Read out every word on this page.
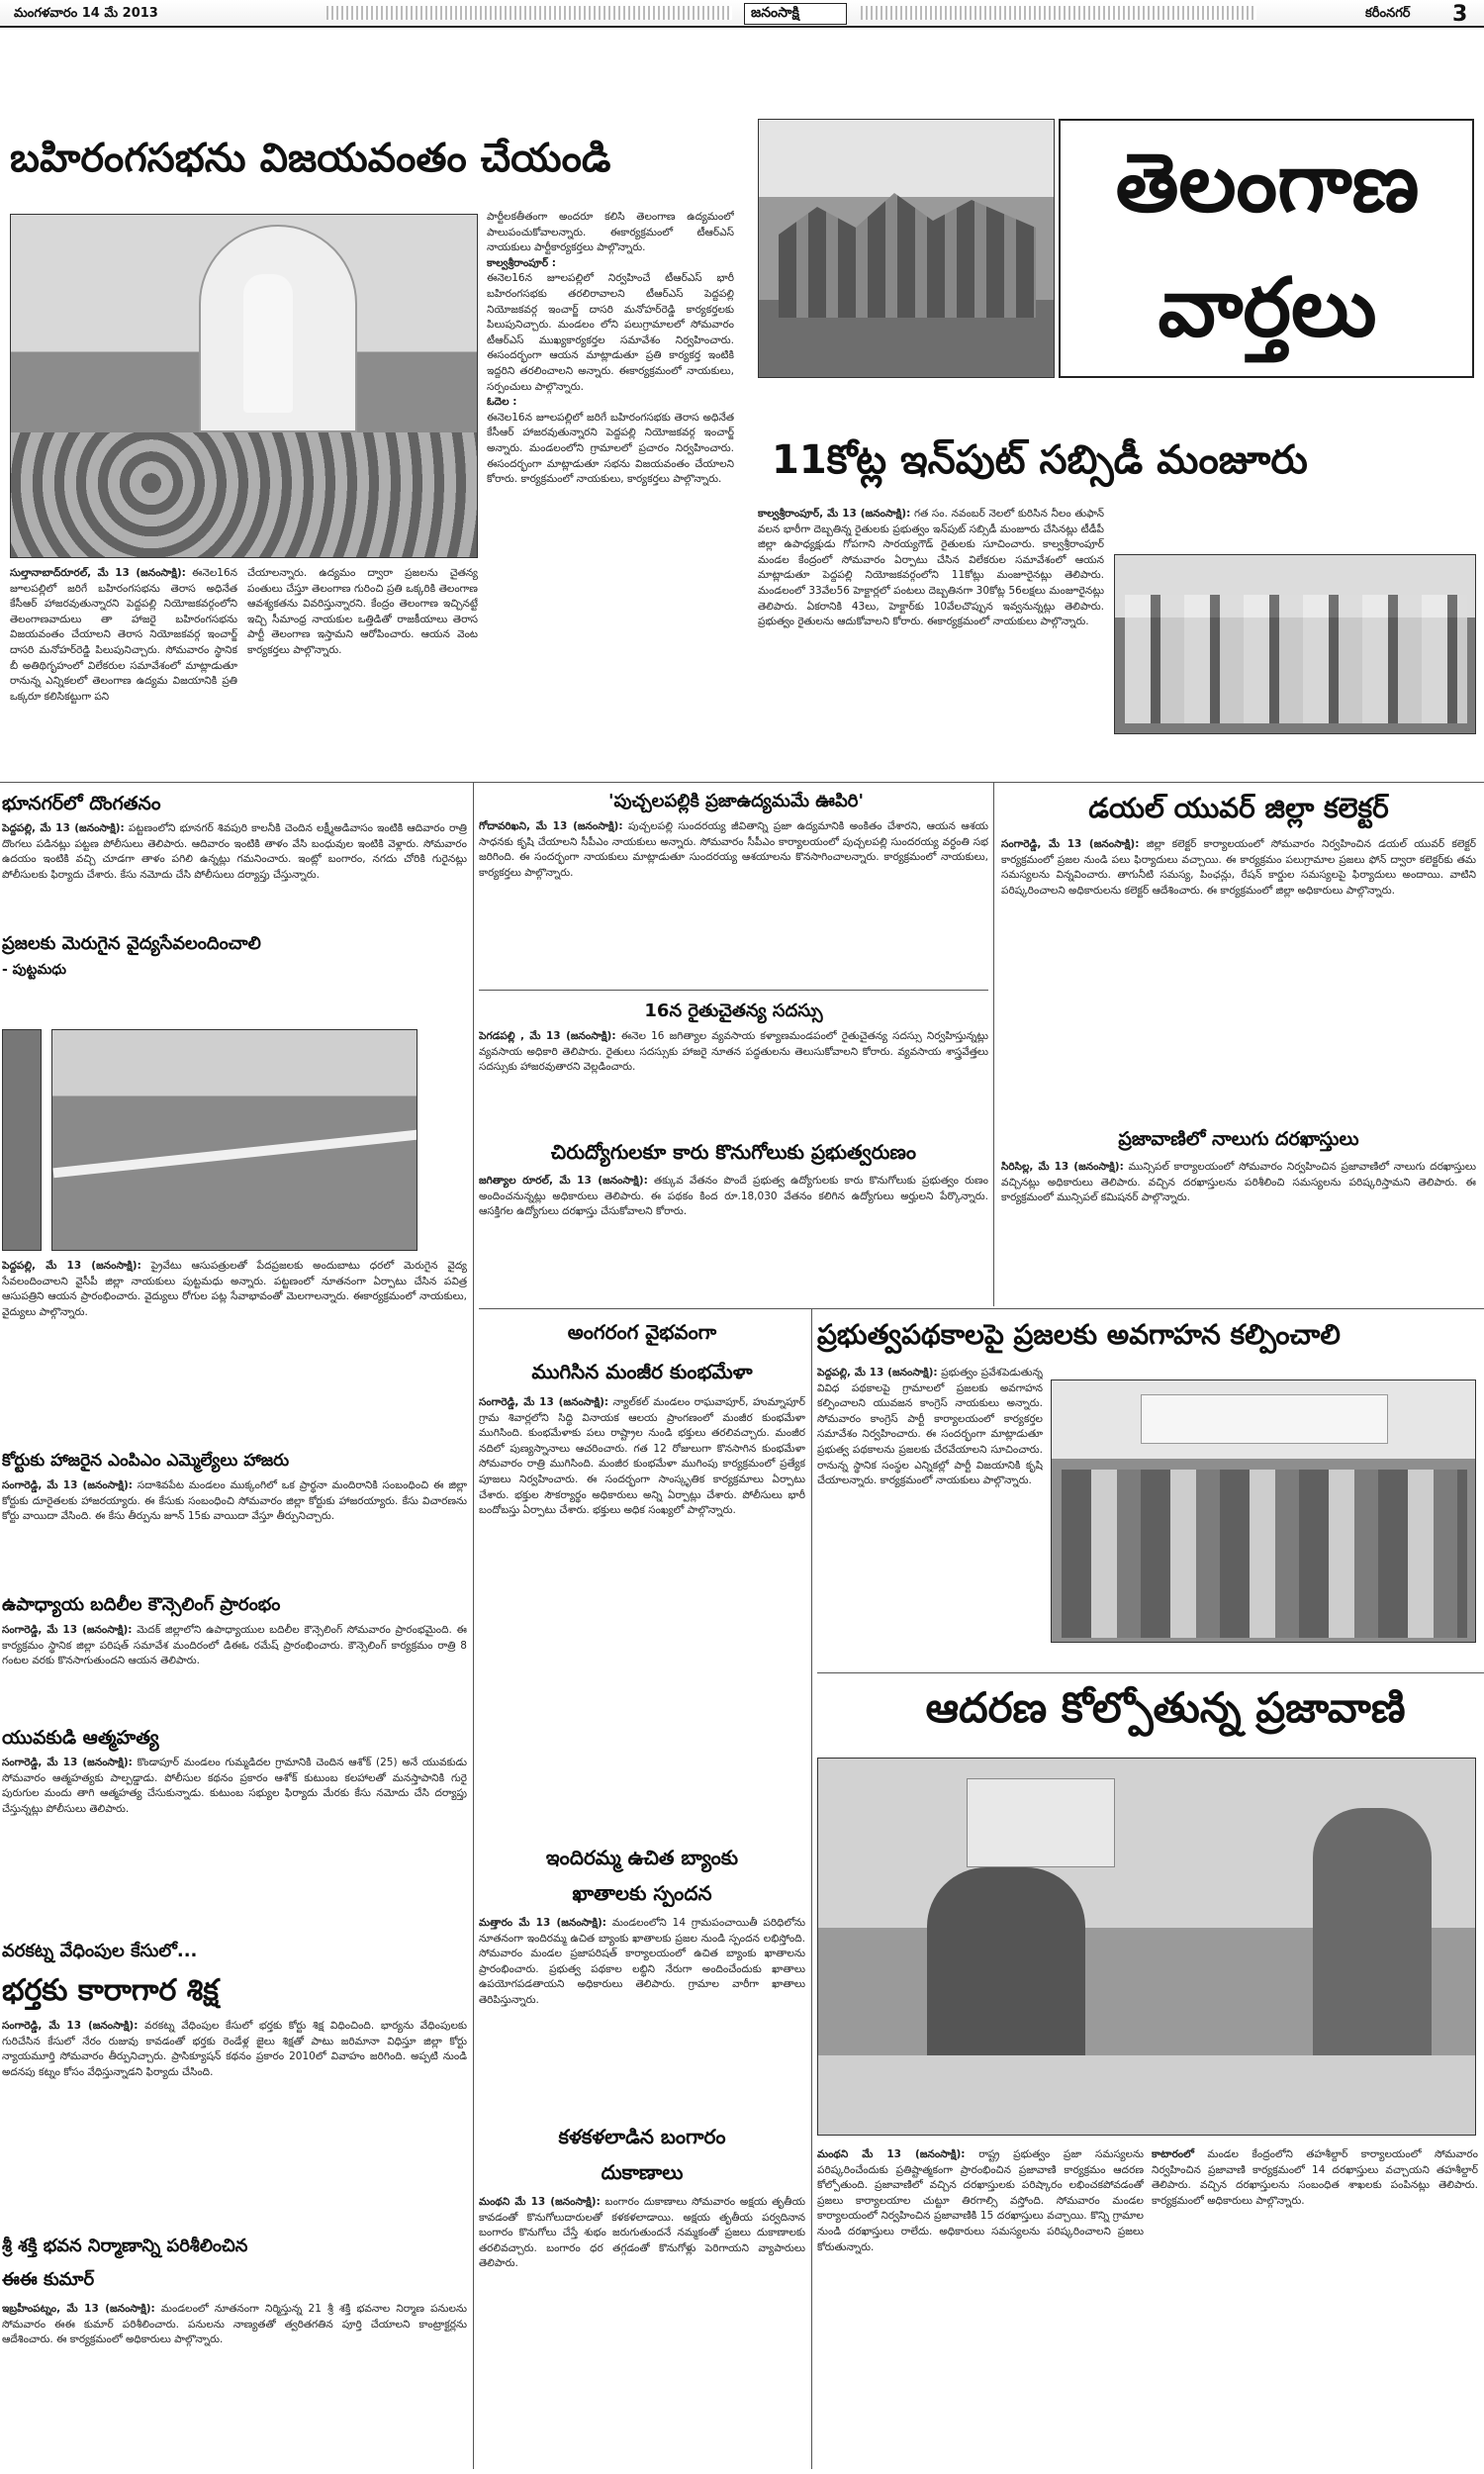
మంగళవారం 14 మే 2013	జనంసాక్షి	కరీంనగర్	3
బహిరంగసభను విజయవంతం చేయండి
సుల్తానాబాద్‌రూరల్‌, మే 13 (జనంసాక్షి): ఈనెల16న జూలపల్లిలో జరిగే బహిరంగసభను తెరాస అధినేత కేసీఆర్‌ హాజరవుతున్నారని పెద్దపల్లి నియోజకవర్గంలోని తెలంగాణవాదులు తా హాజరై బహిరంగసభను విజయవంతం చేయాలని తెరాస నియోజకవర్గ ఇంచార్జ్‌ దాసరి మనోహర్‌రెడ్డి పిలుపునిచ్చారు. సోమవారం స్థానిక బీ అతిథిగృహంలో విలేకరుల సమావేశంలో మాట్లాడుతూ రానున్న ఎన్నికలలో తెలంగాణ ఉద్యమ విజయానికి ప్రతి ఒక్కరూ కలిసికట్టుగా పని
చేయాలన్నారు. ఉద్యమం ద్వారా ప్రజలను చైతన్య పంతులు చేస్తూ తెలంగాణ గురించి ప్రతి ఒక్కరికి తెలంగాణ ఆవశ్యకతను వివరిస్తున్నారని. కేంద్రం తెలంగాణ ఇచ్చినట్టే ఇచ్చి సీమాంధ్ర నాయకుల ఒత్తిడితో రాజకీయాలు తెరాస పార్టీ తెలంగాణ ఇస్తామని ఆరోపించారు. ఆయన వెంట కార్యకర్తలు పాల్గొన్నారు.
పార్టీలకతీతంగా అందరూ కలిసి తెలంగాణ ఉద్యమంలో పాలుపంచుకోవాలన్నారు. ఈకార్యక్రమంలో టీఆర్‌ఎస్‌ నాయకులు పార్టీకార్యకర్తలు పాల్గొన్నారు.
కాల్వశ్రీరాంపూర్‌ :
ఈనెల16న జూలపల్లిలో నిర్వహించే టీఆర్‌ఎస్‌ భారీ బహిరంగసభకు తరలిరావాలని టీఆర్‌ఎస్‌ పెద్దపల్లి నియోజకవర్గ ఇంచార్జ్‌ దాసరి మనోహర్‌రెడ్డి కార్యకర్తలకు పిలుపునిచ్చారు. మండలం లోని పలుగ్రామాలలో సోమవారం టీఆర్‌ఎస్‌ ముఖ్యకార్యకర్తల సమావేశం నిర్వహించారు. ఈసందర్భంగా ఆయన మాట్లాడుతూ ప్రతి కార్యకర్త ఇంటికి ఇద్దరిని తరలించాలని అన్నారు. ఈకార్యక్రమంలో నాయకులు, సర్పంచులు పాల్గొన్నారు.
ఓదెల :
ఈనెల16న జూలపల్లిలో జరిగే బహిరంగసభకు తెరాస అధినేత కేసీఆర్‌ హాజరవుతున్నారని పెద్దపల్లి నియోజకవర్గ ఇంచార్జ్‌ అన్నారు. మండలంలోని గ్రామాలలో ప్రచారం నిర్వహించారు. ఈసందర్భంగా మాట్లాడుతూ సభను విజయవంతం చేయాలని కోరారు. కార్యక్రమంలో నాయకులు, కార్యకర్తలు పాల్గొన్నారు.
తెలంగాణ
వార్తలు
11కోట్ల ఇన్‌పుట్‌ సబ్సిడీ మంజూరు
కాల్వశ్రీరాంపూర్‌, మే 13 (జనంసాక్షి): గత సం. నవంబర్‌ నెలలో కురిసిన నీలం తుఫాన్‌ వలన భారీగా దెబ్బతిన్న రైతులకు ప్రభుత్వం ఇన్‌పుట్‌ సబ్సిడీ మంజూరు చేసినట్లు టీడీపీ జిల్లా ఉపాధ్యక్షుడు గోపగాని సారయ్యగౌడ్‌ రైతులకు సూచించారు. కాల్వశ్రీరాంపూర్‌ మండల కేంద్రంలో సోమవారం ఏర్పాటు చేసిన విలేకరుల సమావేశంలో ఆయన మాట్లాడుతూ పెద్దపల్లి నియోజకవర్గంలోని 11కోట్లు మంజూరైనట్లు తెలిపారు. మండలంలో 33వేల56 హెక్టార్లలో పంటలు దెబ్బతినగా 30కోట్ల 56లక్షలు మంజూరైనట్లు తెలిపారు. ఏకరానికి 43లు, హెక్టార్‌కు 10వేలచొప్పున ఇవ్వనున్నట్లు తెలిపారు. ప్రభుత్వం రైతులను ఆదుకోవాలని కోరారు. ఈకార్యక్రమంలో నాయకులు పాల్గొన్నారు.
భూనగర్‌లో దొంగతనం
పెద్దపల్లి, మే 13 (జనంసాక్షి): పట్టణంలోని భూనగర్‌ శివపురి కాలనీకి చెందిన లక్ష్మీఅడివాసం ఇంటికి ఆదివారం రాత్రి దొంగలు పడినట్లు పట్టణ పోలీసులు తెలిపారు. ఆదివారం ఇంటికి తాళం వేసి బంధువుల ఇంటికి వెళ్లారు. సోమవారం ఉదయం ఇంటికి వచ్చి చూడగా తాళం పగిలి ఉన్నట్లు గమనించారు. ఇంట్లో బంగారం, నగదు చోరికి గురైనట్లు పోలీసులకు ఫిర్యాదు చేశారు. కేసు నమోదు చేసి పోలీసులు దర్యాప్తు చేస్తున్నారు.
ప్రజలకు మెరుగైన వైద్యసేవలందించాలి
- పుట్టమధు
పెద్దపల్లి, మే 13 (జనంసాక్షి): ప్రైవేటు ఆసుపత్రులతో పేదప్రజలకు అందుబాటు ధరలో మెరుగైన వైద్య సేవలందించాలని వైసీపీ జిల్లా నాయకులు పుట్టమధు అన్నారు. పట్టణంలో నూతనంగా ఏర్పాటు చేసిన పవిత్ర ఆసుపత్రిని ఆయన ప్రారంభించారు. వైద్యులు రోగుల పట్ల సేవాభావంతో మెలగాలన్నారు. ఈకార్యక్రమంలో నాయకులు, వైద్యులు పాల్గొన్నారు.
కోర్టుకు హాజరైన ఎంపిఎం ఎమ్మెల్యేలు హాజరు
సంగారెడ్డి, మే 13 (జనంసాక్షి): సదాశివపేట మండలం ముక్కంగిలో ఒక ప్రార్థనా మందిరానికి సంబంధించి ఈ జిల్లా కోర్టుకు దూరైతలకు హాజరయ్యారు. ఈ కేసుకు సంబంధించి సోమవారం జిల్లా కోర్టుకు హాజరయ్యారు. కేసు విచారణను కోర్టు వాయిదా వేసింది. ఈ కేసు తీర్పును జూన్‌ 15కు వాయిదా వేస్తూ తీర్పునిచ్చారు.
ఉపాధ్యాయ బదిలీల కౌన్సెలింగ్‌ ప్రారంభం
సంగారెడ్డి, మే 13 (జనంసాక్షి): మెదక్‌ జిల్లాలోని ఉపాధ్యాయుల బదిలీల కౌన్సెలింగ్‌ సోమవారం ప్రారంభమైంది. ఈ కార్యక్రమం స్థానిక జిల్లా పరిషత్‌ సమావేశ మందిరంలో డిఈఓ రమేష్‌ ప్రారంభించారు. కౌన్సెలింగ్‌ కార్యక్రమం రాత్రి 8 గంటల వరకు కొనసాగుతుందని ఆయన తెలిపారు.
యువకుడి ఆత్మహత్య
సంగారెడ్డి, మే 13 (జనంసాక్షి): కొండాపూర్‌ మండలం గుమ్మడిదల గ్రామానికి చెందిన ఆశోక్‌ (25) అనే యువకుడు సోమవారం ఆత్మహత్యకు పాల్పడ్డాడు. పోలీసుల కథనం ప్రకారం ఆశోక్‌ కుటుంబ కలహాలతో మనస్తాపానికి గురై పురుగుల మందు తాగి ఆత్మహత్య చేసుకున్నాడు. కుటుంబ సభ్యుల ఫిర్యాదు మేరకు కేసు నమోదు చేసి దర్యాప్తు చేస్తున్నట్లు పోలీసులు తెలిపారు.
వరకట్న వేధింపుల కేసులో...
భర్తకు కారాగార శిక్ష
సంగారెడ్డి, మే 13 (జనంసాక్షి): వరకట్న వేధింపుల కేసులో భర్తకు కోర్టు శిక్ష విధించింది. భార్యను వేధింపులకు గురిచేసిన కేసులో నేరం రుజువు కావడంతో భర్తకు రెండేళ్ల జైలు శిక్షతో పాటు జరిమానా విధిస్తూ జిల్లా కోర్టు న్యాయమూర్తి సోమవారం తీర్పునిచ్చారు. ప్రాసిక్యూషన్‌ కథనం ప్రకారం 2010లో వివాహం జరిగింది. అప్పటి నుండి అదనపు కట్నం కోసం వేధిస్తున్నాడని ఫిర్యాదు చేసింది.
శ్రీ శక్తి భవన నిర్మాణాన్ని పరిశీలించిన
ఈఈ కుమార్‌
ఇబ్రహీంపట్నం, మే 13 (జనంసాక్షి): మండలంలో నూతనంగా నిర్మిస్తున్న 21 శ్రీ శక్తి భవనాల నిర్మాణ పనులను సోమవారం ఈఈ కుమార్‌ పరిశీలించారు. పనులను నాణ్యతతో త్వరితగతిన పూర్తి చేయాలని కాంట్రాక్టర్లను ఆదేశించారు. ఈ కార్యక్రమంలో అధికారులు పాల్గొన్నారు.
'పుచ్చలపల్లికి ప్రజాఉద్యమమే ఊపిరి'
గోదావరిఖని, మే 13 (జనంసాక్షి): పుచ్చలపల్లి సుందరయ్య జీవితాన్ని ప్రజా ఉద్యమానికి అంకితం చేశారని, ఆయన ఆశయ సాధనకు కృషి చేయాలని సీపీఎం నాయకులు అన్నారు. సోమవారం సీపీఎం కార్యాలయంలో పుచ్చలపల్లి సుందరయ్య వర్ధంతి సభ జరిగింది. ఈ సందర్భంగా నాయకులు మాట్లాడుతూ సుందరయ్య ఆశయాలను కొనసాగించాలన్నారు. కార్యక్రమంలో నాయకులు, కార్యకర్తలు పాల్గొన్నారు.
16న రైతుచైతన్య సదస్సు
పెగడపల్లి , మే 13 (జనంసాక్షి): ఈనెల 16 జగిత్యాల వ్యవసాయ కళ్యాణమండపంలో రైతుచైతన్య సదస్సు నిర్వహిస్తున్నట్లు వ్యవసాయ అధికారి తెలిపారు. రైతులు సదస్సుకు హాజరై నూతన పద్ధతులను తెలుసుకోవాలని కోరారు. వ్యవసాయ శాస్త్రవేత్తలు సదస్సుకు హాజరవుతారని వెల్లడించారు.
చిరుద్యోగులకూ కారు కొనుగోలుకు ప్రభుత్వరుణం
జగిత్యాల రూరల్‌, మే 13 (జనంసాక్షి): తక్కువ వేతనం పొందే ప్రభుత్వ ఉద్యోగులకు కారు కొనుగోలుకు ప్రభుత్వం రుణం అందించనున్నట్లు అధికారులు తెలిపారు. ఈ పథకం కింద రూ.18,030 వేతనం కలిగిన ఉద్యోగులు అర్హులని పేర్కొన్నారు. ఆసక్తిగల ఉద్యోగులు దరఖాస్తు చేసుకోవాలని కోరారు.
డయల్‌ యువర్‌ జిల్లా కలెక్టర్‌
సంగారెడ్డి, మే 13 (జనంసాక్షి): జిల్లా కలెక్టర్‌ కార్యాలయంలో సోమవారం నిర్వహించిన డయల్‌ యువర్‌ కలెక్టర్‌ కార్యక్రమంలో ప్రజల నుండి పలు ఫిర్యాదులు వచ్చాయి. ఈ కార్యక్రమం పలుగ్రామాల ప్రజలు ఫోన్‌ ద్వారా కలెక్టర్‌కు తమ సమస్యలను విన్నవించారు. తాగునీటి సమస్య, పింఛన్లు, రేషన్‌ కార్డుల సమస్యలపై ఫిర్యాదులు అందాయి. వాటిని పరిష్కరించాలని అధికారులను కలెక్టర్‌ ఆదేశించారు. ఈ కార్యక్రమంలో జిల్లా అధికారులు పాల్గొన్నారు.
ప్రజావాణిలో నాలుగు దరఖాస్తులు
సిరిసిల్ల, మే 13 (జనంసాక్షి): మున్సిపల్‌ కార్యాలయంలో సోమవారం నిర్వహించిన ప్రజావాణిలో నాలుగు దరఖాస్తులు వచ్చినట్లు అధికారులు తెలిపారు. వచ్చిన దరఖాస్తులను పరిశీలించి సమస్యలను పరిష్కరిస్తామని తెలిపారు. ఈ కార్యక్రమంలో మున్సిపల్‌ కమిషనర్‌ పాల్గొన్నారు.
అంగరంగ వైభవంగా
ముగిసిన మంజీర కుంభమేళా
సంగారెడ్డి, మే 13 (జనంసాక్షి): న్యాల్‌కల్‌ మండలం రాఘవాపూర్‌, హుమ్నాపూర్‌ గ్రామ శివార్లలోని సిద్ధి వినాయక ఆలయ ప్రాంగణంలో మంజీర కుంభమేళా ముగిసింది. కుంభమేళాకు పలు రాష్ట్రాల నుండి భక్తులు తరలివచ్చారు. మంజీర నదిలో పుణ్యస్నానాలు ఆచరించారు. గత 12 రోజులుగా కొనసాగిన కుంభమేళా సోమవారం రాత్రి ముగిసింది. మంజీర కుంభమేళా ముగింపు కార్యక్రమంలో ప్రత్యేక పూజలు నిర్వహించారు. ఈ సందర్భంగా సాంస్కృతిక కార్యక్రమాలు ఏర్పాటు చేశారు. భక్తుల సౌకర్యార్థం అధికారులు అన్ని ఏర్పాట్లు చేశారు. పోలీసులు భారీ బందోబస్తు ఏర్పాటు చేశారు. భక్తులు అధిక సంఖ్యలో పాల్గొన్నారు.
ఇందిరమ్మ ఉచిత బ్యాంకు
ఖాతాలకు స్పందన
మత్తారం మే 13 (జనంసాక్షి): మండలంలోని 14 గ్రామపంచాయితీ పరిధిలోను నూతనంగా ఇందిరమ్మ ఉచిత బ్యాంకు ఖాతాలకు ప్రజల నుండి స్పందన లభిస్తోంది. సోమవారం మండల ప్రజాపరిషత్‌ కార్యాలయంలో ఉచిత బ్యాంకు ఖాతాలను ప్రారంభించారు. ప్రభుత్వ పథకాల లబ్ధిని నేరుగా అందించేందుకు ఖాతాలు ఉపయోగపడతాయని అధికారులు తెలిపారు. గ్రామాల వారీగా ఖాతాలు తెరిపిస్తున్నారు.
కళకళలాడిన బంగారం
దుకాణాలు
మంథని మే 13 (జనంసాక్షి): బంగారం దుకాణాలు సోమవారం అక్షయ తృతీయ కావడంతో కొనుగోలుదారులతో కళకళలాడాయి. అక్షయ తృతీయ పర్వదినాన బంగారం కొనుగోలు చేస్తే శుభం జరుగుతుందనే నమ్మకంతో ప్రజలు దుకాణాలకు తరలివచ్చారు. బంగారం ధర తగ్గడంతో కొనుగోళ్లు పెరిగాయని వ్యాపారులు తెలిపారు.
ప్రభుత్వపథకాలపై ప్రజలకు అవగాహన కల్పించాలి
పెద్దపల్లి, మే 13 (జనంసాక్షి): ప్రభుత్వం ప్రవేశపెడుతున్న వివిధ పథకాలపై గ్రామాలలో ప్రజలకు అవగాహన కల్పించాలని యువజన కాంగ్రెస్‌ నాయకులు అన్నారు. సోమవారం కాంగ్రెస్‌ పార్టీ కార్యాలయంలో కార్యకర్తల సమావేశం నిర్వహించారు. ఈ సందర్భంగా మాట్లాడుతూ ప్రభుత్వ పథకాలను ప్రజలకు చేరవేయాలని సూచించారు. రానున్న స్థానిక సంస్థల ఎన్నికల్లో పార్టీ విజయానికి కృషి చేయాలన్నారు. కార్యక్రమంలో నాయకులు పాల్గొన్నారు.
ఆదరణ కోల్పోతున్న ప్రజావాణి
మంథని మే 13 (జనంసాక్షి): రాష్ట్ర ప్రభుత్వం ప్రజా సమస్యలను పరిష్కరించేందుకు ప్రతిష్టాత్మకంగా ప్రారంభించిన ప్రజావాణి కార్యక్రమం ఆదరణ కోల్పోతుంది. ప్రజావాణిలో వచ్చిన దరఖాస్తులకు పరిష్కారం లభించకపోవడంతో ప్రజలు కార్యాలయాల చుట్టూ తిరగాల్సి వస్తోంది. సోమవారం మండల కార్యాలయంలో నిర్వహించిన ప్రజావాణికి 15 దరఖాస్తులు వచ్చాయి. కొన్ని గ్రామాల నుండి దరఖాస్తులు రాలేదు. అధికారులు సమస్యలను పరిష్కరించాలని ప్రజలు కోరుతున్నారు.
కాటారంలో మండల కేంద్రంలోని తహశీల్దార్‌ కార్యాలయంలో సోమవారం నిర్వహించిన ప్రజావాణి కార్యక్రమంలో 14 దరఖాస్తులు వచ్చాయని తహశీల్దార్‌ తెలిపారు. వచ్చిన దరఖాస్తులను సంబంధిత శాఖలకు పంపినట్లు తెలిపారు. కార్యక్రమంలో అధికారులు పాల్గొన్నారు.
